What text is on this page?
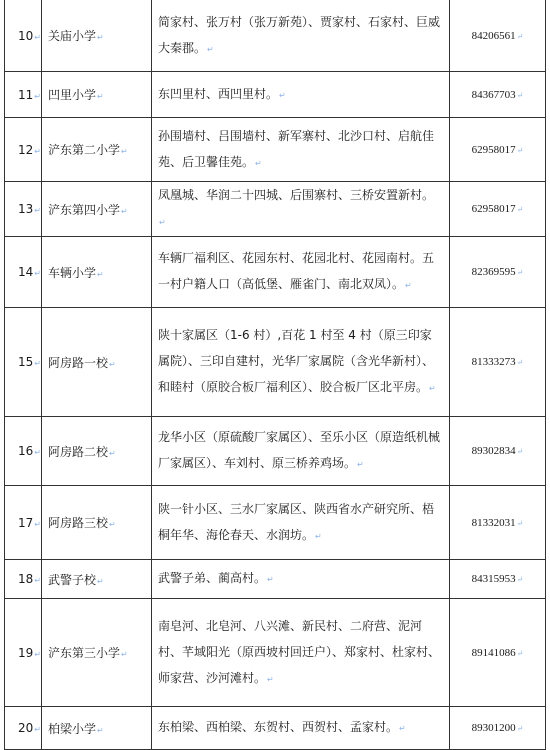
10↵	关庙小学↵	简家村、张万村（张万新苑）、贾家村、石家村、巨威大秦郡。↵	84206561↵
11↵	凹里小学↵	东凹里村、西凹里村。↵	84367703↵
12↵	浐东第二小学↵	孙围墙村、吕围墙村、新军寨村、北沙口村、启航佳苑、后卫馨佳苑。↵	62958017↵
13↵	浐东第四小学↵	凤凰城、华润二十四城、后围寨村、三桥安置新村。↵	62958017↵
14↵	车辆小学↵	车辆厂福利区、花园东村、花园北村、花园南村。五一村户籍人口（高低堡、雁雀门、南北双凤）。↵	82369595↵
15↵	阿房路一校↵	陕十家属区（1-6 村）,百花 1 村至 4 村（原三印家属院）、三印自建村，光华厂家属院（含光华新村）、和睦村（原胶合板厂福利区）、胶合板厂区北平房。↵	81333273↵
16↵	阿房路二校↵	龙华小区（原硫酸厂家属区）、至乐小区（原造纸机械厂家属区）、车刘村、原三桥养鸡场。↵	89302834↵
17↵	阿房路三校↵	陕一针小区、三水厂家属区、陕西省水产研究所、梧桐年华、海伦春天、水润坊。↵	81332031↵
18↵	武警子校↵	武警子弟、蔺高村。↵	84315953↵
19↵	浐东第三小学↵	南皂河、北皂河、八兴滩、新民村、二府营、泥河村、芊域阳光（原西坡村回迁户）、郑家村、杜家村、师家营、沙河滩村。↵	89141086↵
20↵	柏梁小学↵	东柏梁、西柏梁、东贺村、西贺村、孟家村。↵	89301200↵
